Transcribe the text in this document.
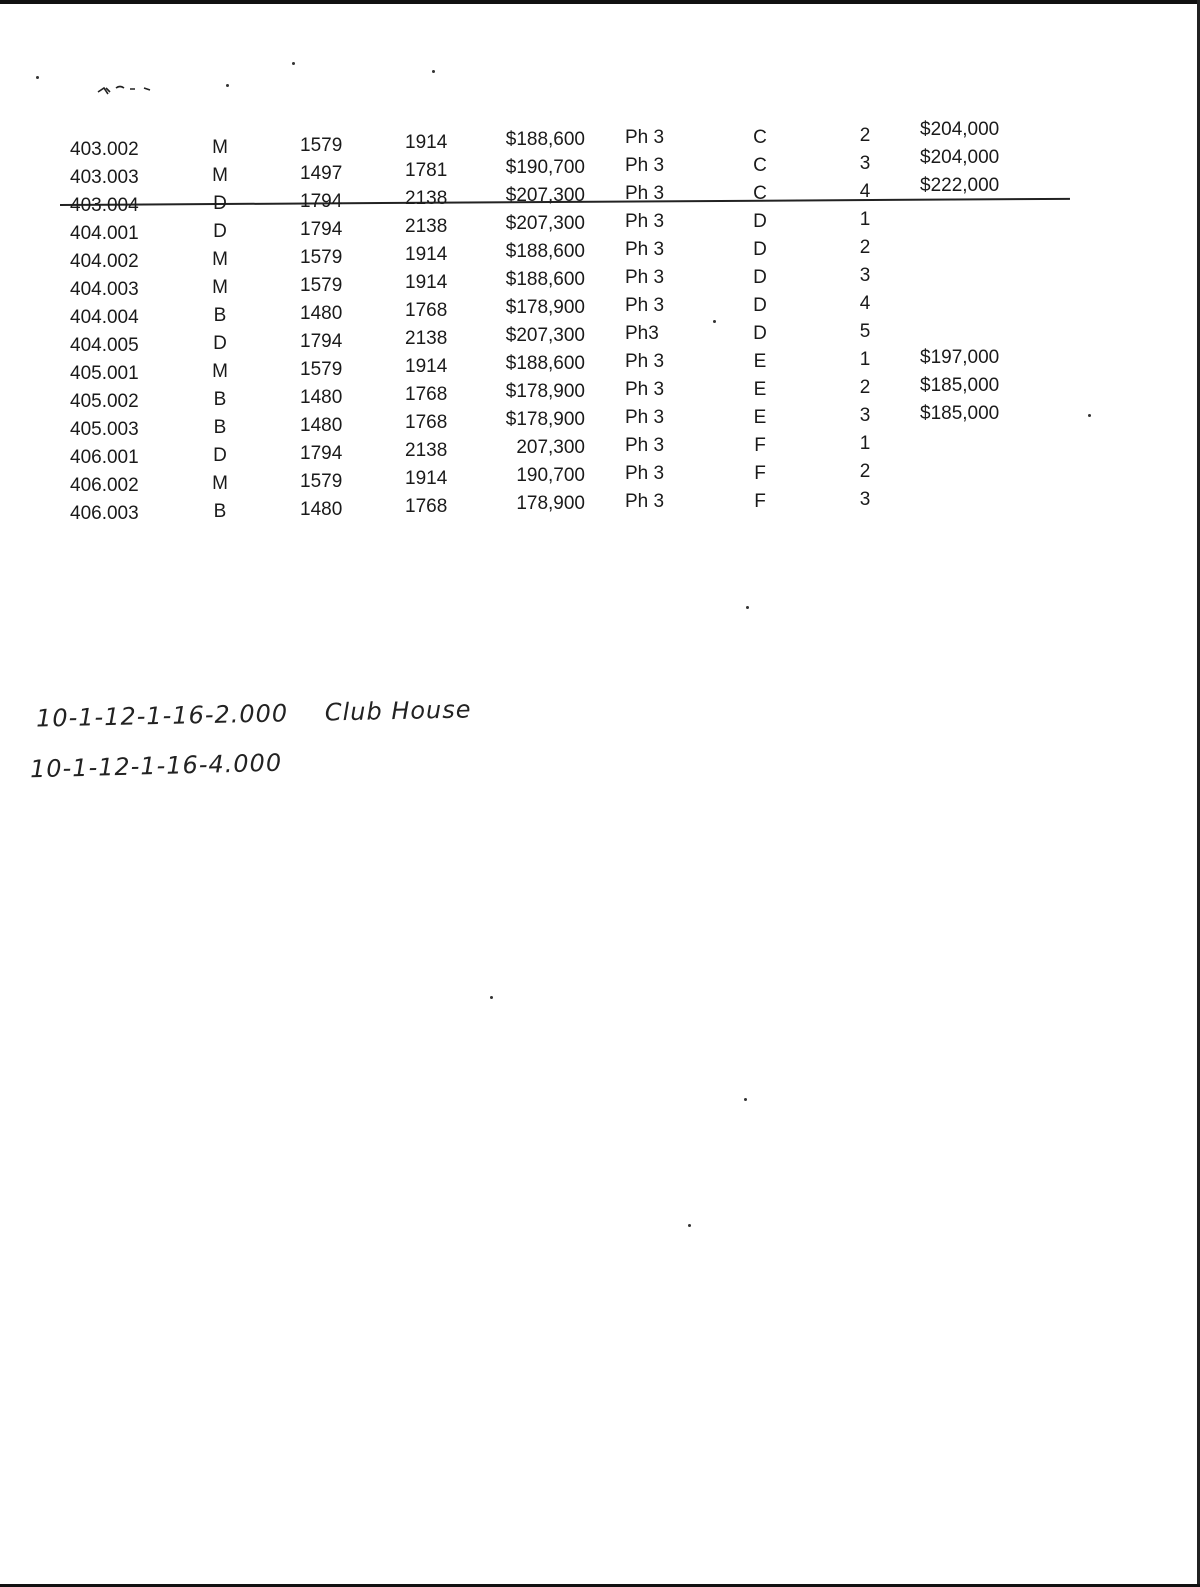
403.002	M	1579	1914	$188,600 Ph 3	C	2	$204,000
403.003	M	1497	1781	$190,700 Ph 3	C	3	$204,000
403.004	D	1794	2138	$207,300 Ph 3	C	4	$222,000
404.001	D	1794	2138	$207,300 Ph 3	D	1
404.002	M	1579	1914	$188,600 Ph 3	D	2
404.003	M	1579	1914	$188,600 Ph 3	D	3
404.004	B	1480	1768	$178,900 Ph 3	D	4
404.005	D	1794	2138	$207,300 Ph3	D	5
405.001	M	1579	1914	$188,600 Ph 3	E	1	$197,000
405.002	B	1480	1768	$178,900 Ph 3	E	2	$185,000
405.003	B	1480	1768	$178,900 Ph 3	E	3	$185,000
406.001	D	1794	2138	207,300 Ph 3	F	1
406.002	M	1579	1914	190,700 Ph 3	F	2
406.003	B	1480	1768	178,900 Ph 3	F	3
10-1-12-1-16-2.000 Club House
10-1-12-1-16-4.000
